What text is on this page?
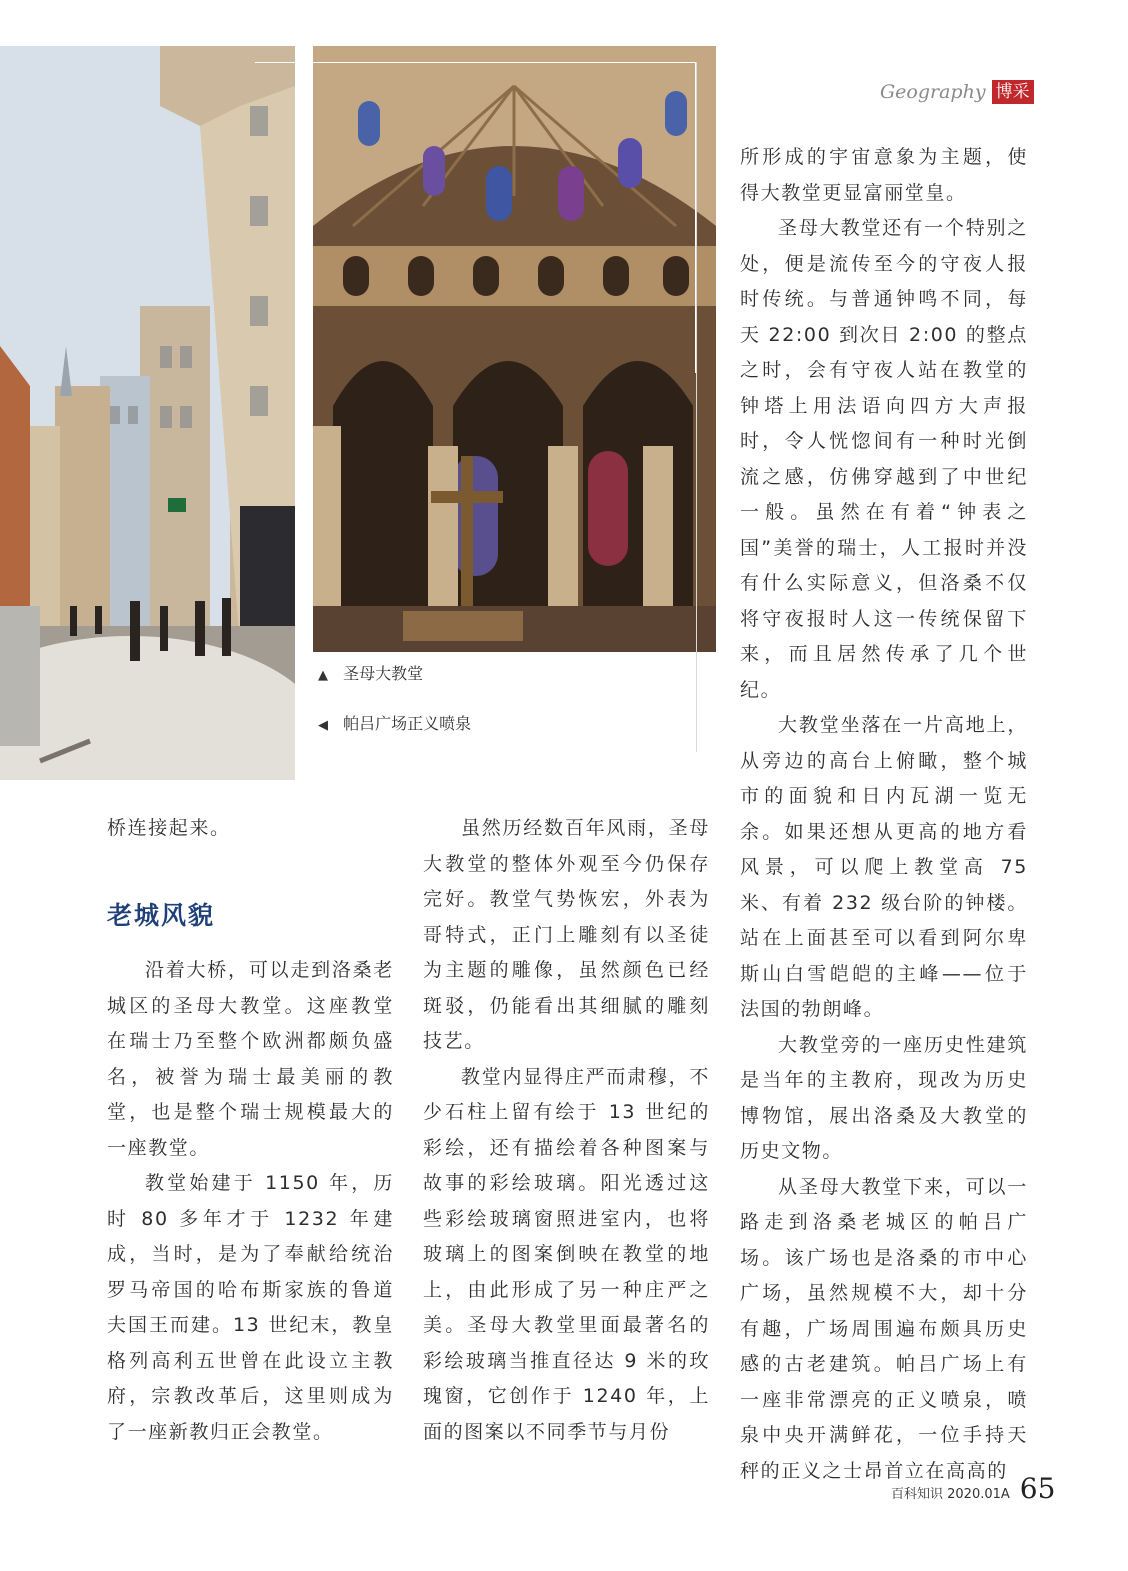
Geography 博采
▲ 圣母大教堂
◀ 帕吕广场正义喷泉

桥连接起来。

老城风貌

沿着大桥，可以走到洛桑老城区的圣母大教堂。这座教堂在瑞士乃至整个欧洲都颇负盛名，被誉为瑞士最美丽的教堂，也是整个瑞士规模最大的一座教堂。

教堂始建于 1150 年，历时 80 多年才于 1232 年建成，当时，是为了奉献给统治罗马帝国的哈布斯家族的鲁道夫国王而建。13 世纪末，教皇格列高利五世曾在此设立主教府，宗教改革后，这里则成为了一座新教归正会教堂。

虽然历经数百年风雨，圣母大教堂的整体外观至今仍保存完好。教堂气势恢宏，外表为哥特式，正门上雕刻有以圣徒为主题的雕像，虽然颜色已经斑驳，仍能看出其细腻的雕刻技艺。

教堂内显得庄严而肃穆，不少石柱上留有绘于 13 世纪的彩绘，还有描绘着各种图案与故事的彩绘玻璃。阳光透过这些彩绘玻璃窗照进室内，也将玻璃上的图案倒映在教堂的地上，由此形成了另一种庄严之美。圣母大教堂里面最著名的彩绘玻璃当推直径达 9 米的玫瑰窗，它创作于 1240 年，上面的图案以不同季节与月份

所形成的宇宙意象为主题，使得大教堂更显富丽堂皇。

圣母大教堂还有一个特别之处，便是流传至今的守夜人报时传统。与普通钟鸣不同，每天 22:00 到次日 2:00 的整点之时，会有守夜人站在教堂的钟塔上用法语向四方大声报时，令人恍惚间有一种时光倒流之感，仿佛穿越到了中世纪一般。虽然在有着“钟表之国”美誉的瑞士，人工报时并没有什么实际意义，但洛桑不仅将守夜报时人这一传统保留下来，而且居然传承了几个世纪。

大教堂坐落在一片高地上，从旁边的高台上俯瞰，整个城市的面貌和日内瓦湖一览无余。如果还想从更高的地方看风景，可以爬上教堂高 75 米、有着 232 级台阶的钟楼。站在上面甚至可以看到阿尔卑斯山白雪皑皑的主峰——位于法国的勃朗峰。

大教堂旁的一座历史性建筑是当年的主教府，现改为历史博物馆，展出洛桑及大教堂的历史文物。

从圣母大教堂下来，可以一路走到洛桑老城区的帕吕广场。该广场也是洛桑的市中心广场，虽然规模不大，却十分有趣，广场周围遍布颇具历史感的古老建筑。帕吕广场上有一座非常漂亮的正义喷泉，喷泉中央开满鲜花，一位手持天秤的正义之士昂首立在高高的

百科知识 2020.01A 65
